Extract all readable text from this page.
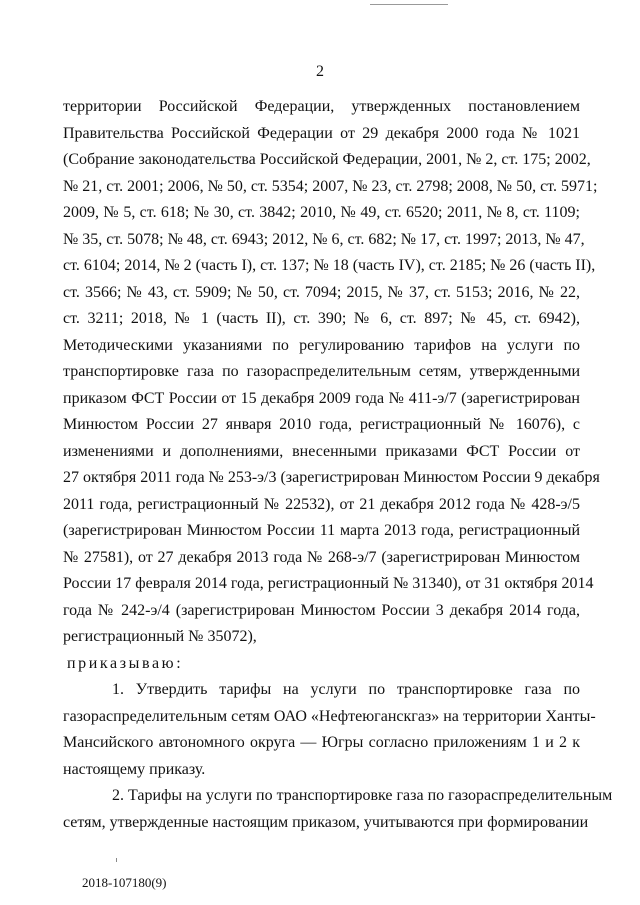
2
территории Российской Федерации, утвержденных постановлением
Правительства Российской Федерации от 29 декабря 2000 года № 1021
(Собрание законодательства Российской Федерации, 2001, № 2, ст. 175; 2002,
№ 21, ст. 2001; 2006, № 50, ст. 5354; 2007, № 23, ст. 2798; 2008, № 50, ст. 5971;
2009, № 5, ст. 618; № 30, ст. 3842; 2010, № 49, ст. 6520; 2011, № 8, ст. 1109;
№ 35, ст. 5078; № 48, ст. 6943; 2012, № 6, ст. 682; № 17, ст. 1997; 2013, № 47,
ст. 6104; 2014, № 2 (часть I), ст. 137; № 18 (часть IV), ст. 2185; № 26 (часть II),
ст. 3566; № 43, ст. 5909; № 50, ст. 7094; 2015, № 37, ст. 5153; 2016, № 22,
ст. 3211; 2018, № 1 (часть II), ст. 390; № 6, ст. 897; № 45, ст. 6942),
Методическими указаниями по регулированию тарифов на услуги по
транспортировке газа по газораспределительным сетям, утвержденными
приказом ФСТ России от 15 декабря 2009 года № 411-э/7 (зарегистрирован
Минюстом России 27 января 2010 года, регистрационный № 16076), с
изменениями и дополнениями, внесенными приказами ФСТ России от
27 октября 2011 года № 253-э/3 (зарегистрирован Минюстом России 9 декабря
2011 года, регистрационный № 22532), от 21 декабря 2012 года № 428-э/5
(зарегистрирован Минюстом России 11 марта 2013 года, регистрационный
№ 27581), от 27 декабря 2013 года № 268-э/7 (зарегистрирован Минюстом
России 17 февраля 2014 года, регистрационный № 31340), от 31 октября 2014
года № 242-э/4 (зарегистрирован Минюстом России 3 декабря 2014 года,
регистрационный № 35072),
приказываю:
1. Утвердить тарифы на услуги по транспортировке газа по
газораспределительным сетям ОАО «Нефтеюганскгаз» на территории Ханты-
Мансийского автономного округа — Югры согласно приложениям 1 и 2 к
настоящему приказу.
2. Тарифы на услуги по транспортировке газа по газораспределительным
сетям, утвержденные настоящим приказом, учитываются при формировании
2018-107180(9)
